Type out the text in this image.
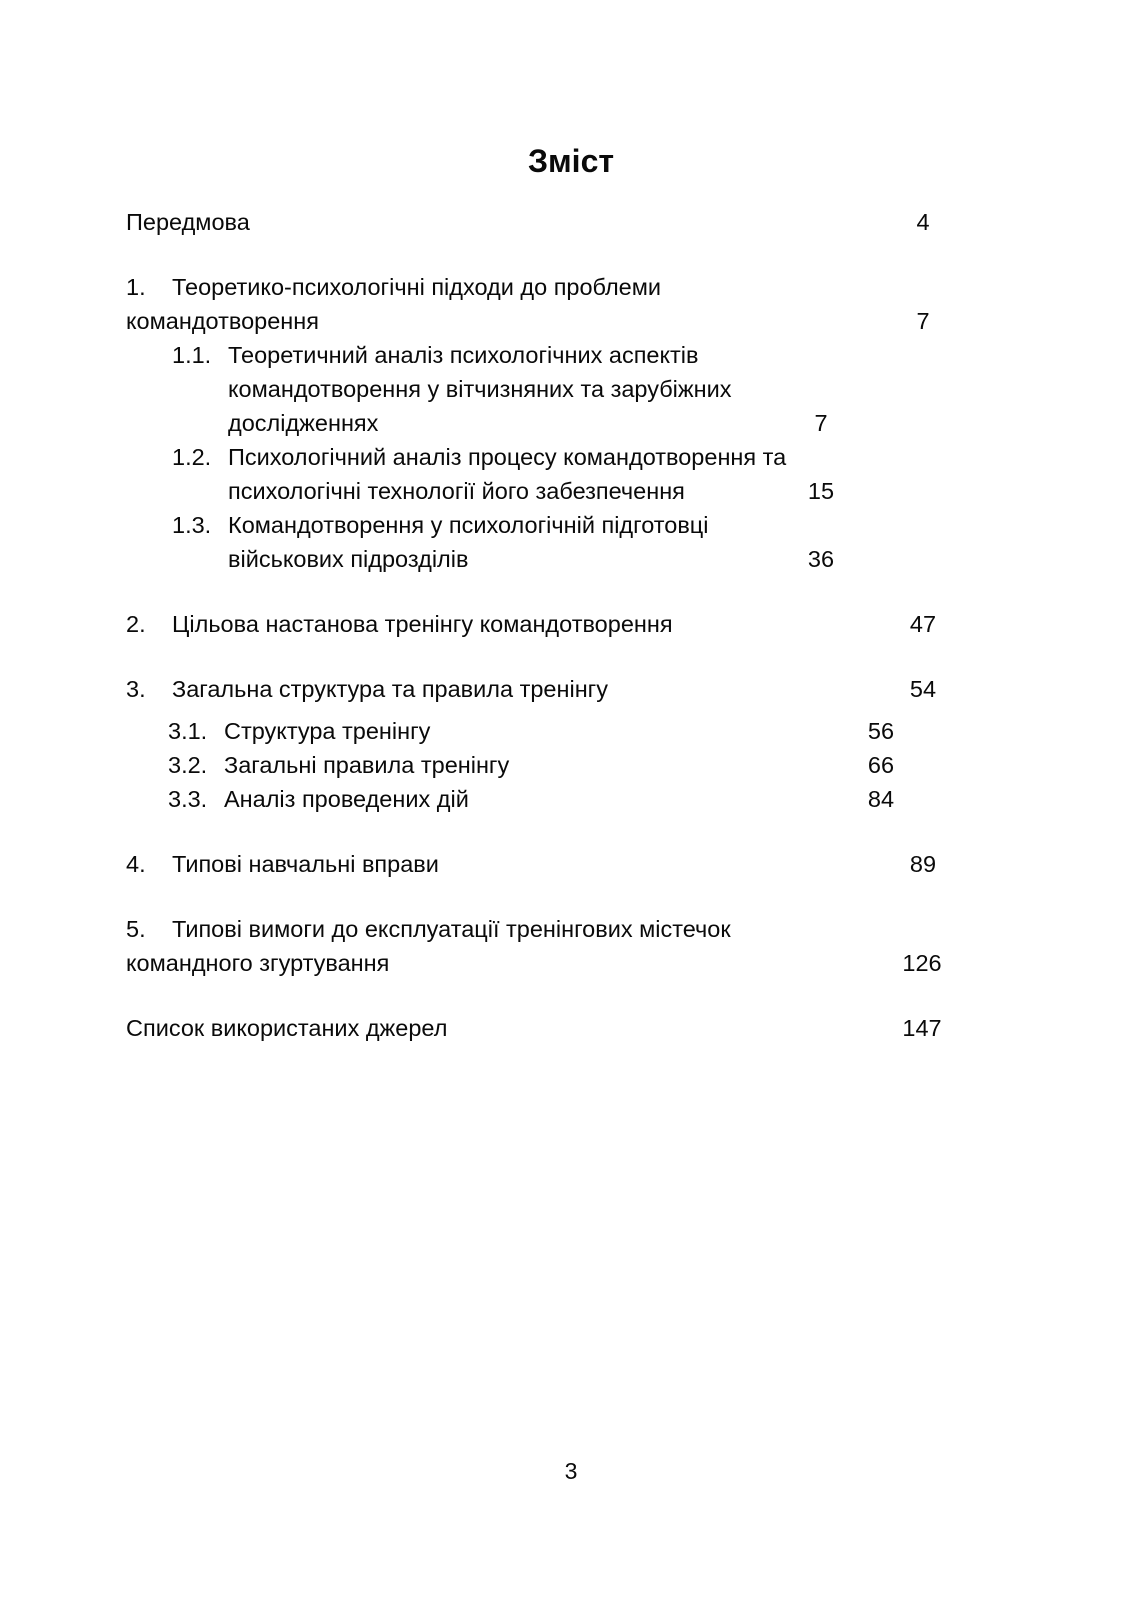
Зміст
Передмова	4
1. Теоретико-психологічні підходи до проблеми
командотворення	7
1.1. Теоретичний аналіз психологічних аспектів
командотворення у вітчизняних та зарубіжних
дослідженнях	7
1.2. Психологічний аналіз процесу командотворення та
психологічні технології його забезпечення	15
1.3. Командотворення у психологічній підготовці
військових підрозділів	36
2. Цільова настанова тренінгу командотворення	47
3. Загальна структура та правила тренінгу	54
3.1. Структура тренінгу	56
3.2. Загальні правила тренінгу	66
3.3. Аналіз проведених дій	84
4. Типові навчальні вправи	89
5. Типові вимоги до експлуатації тренінгових містечок
командного згуртування	126
Список використаних джерел	147
3
